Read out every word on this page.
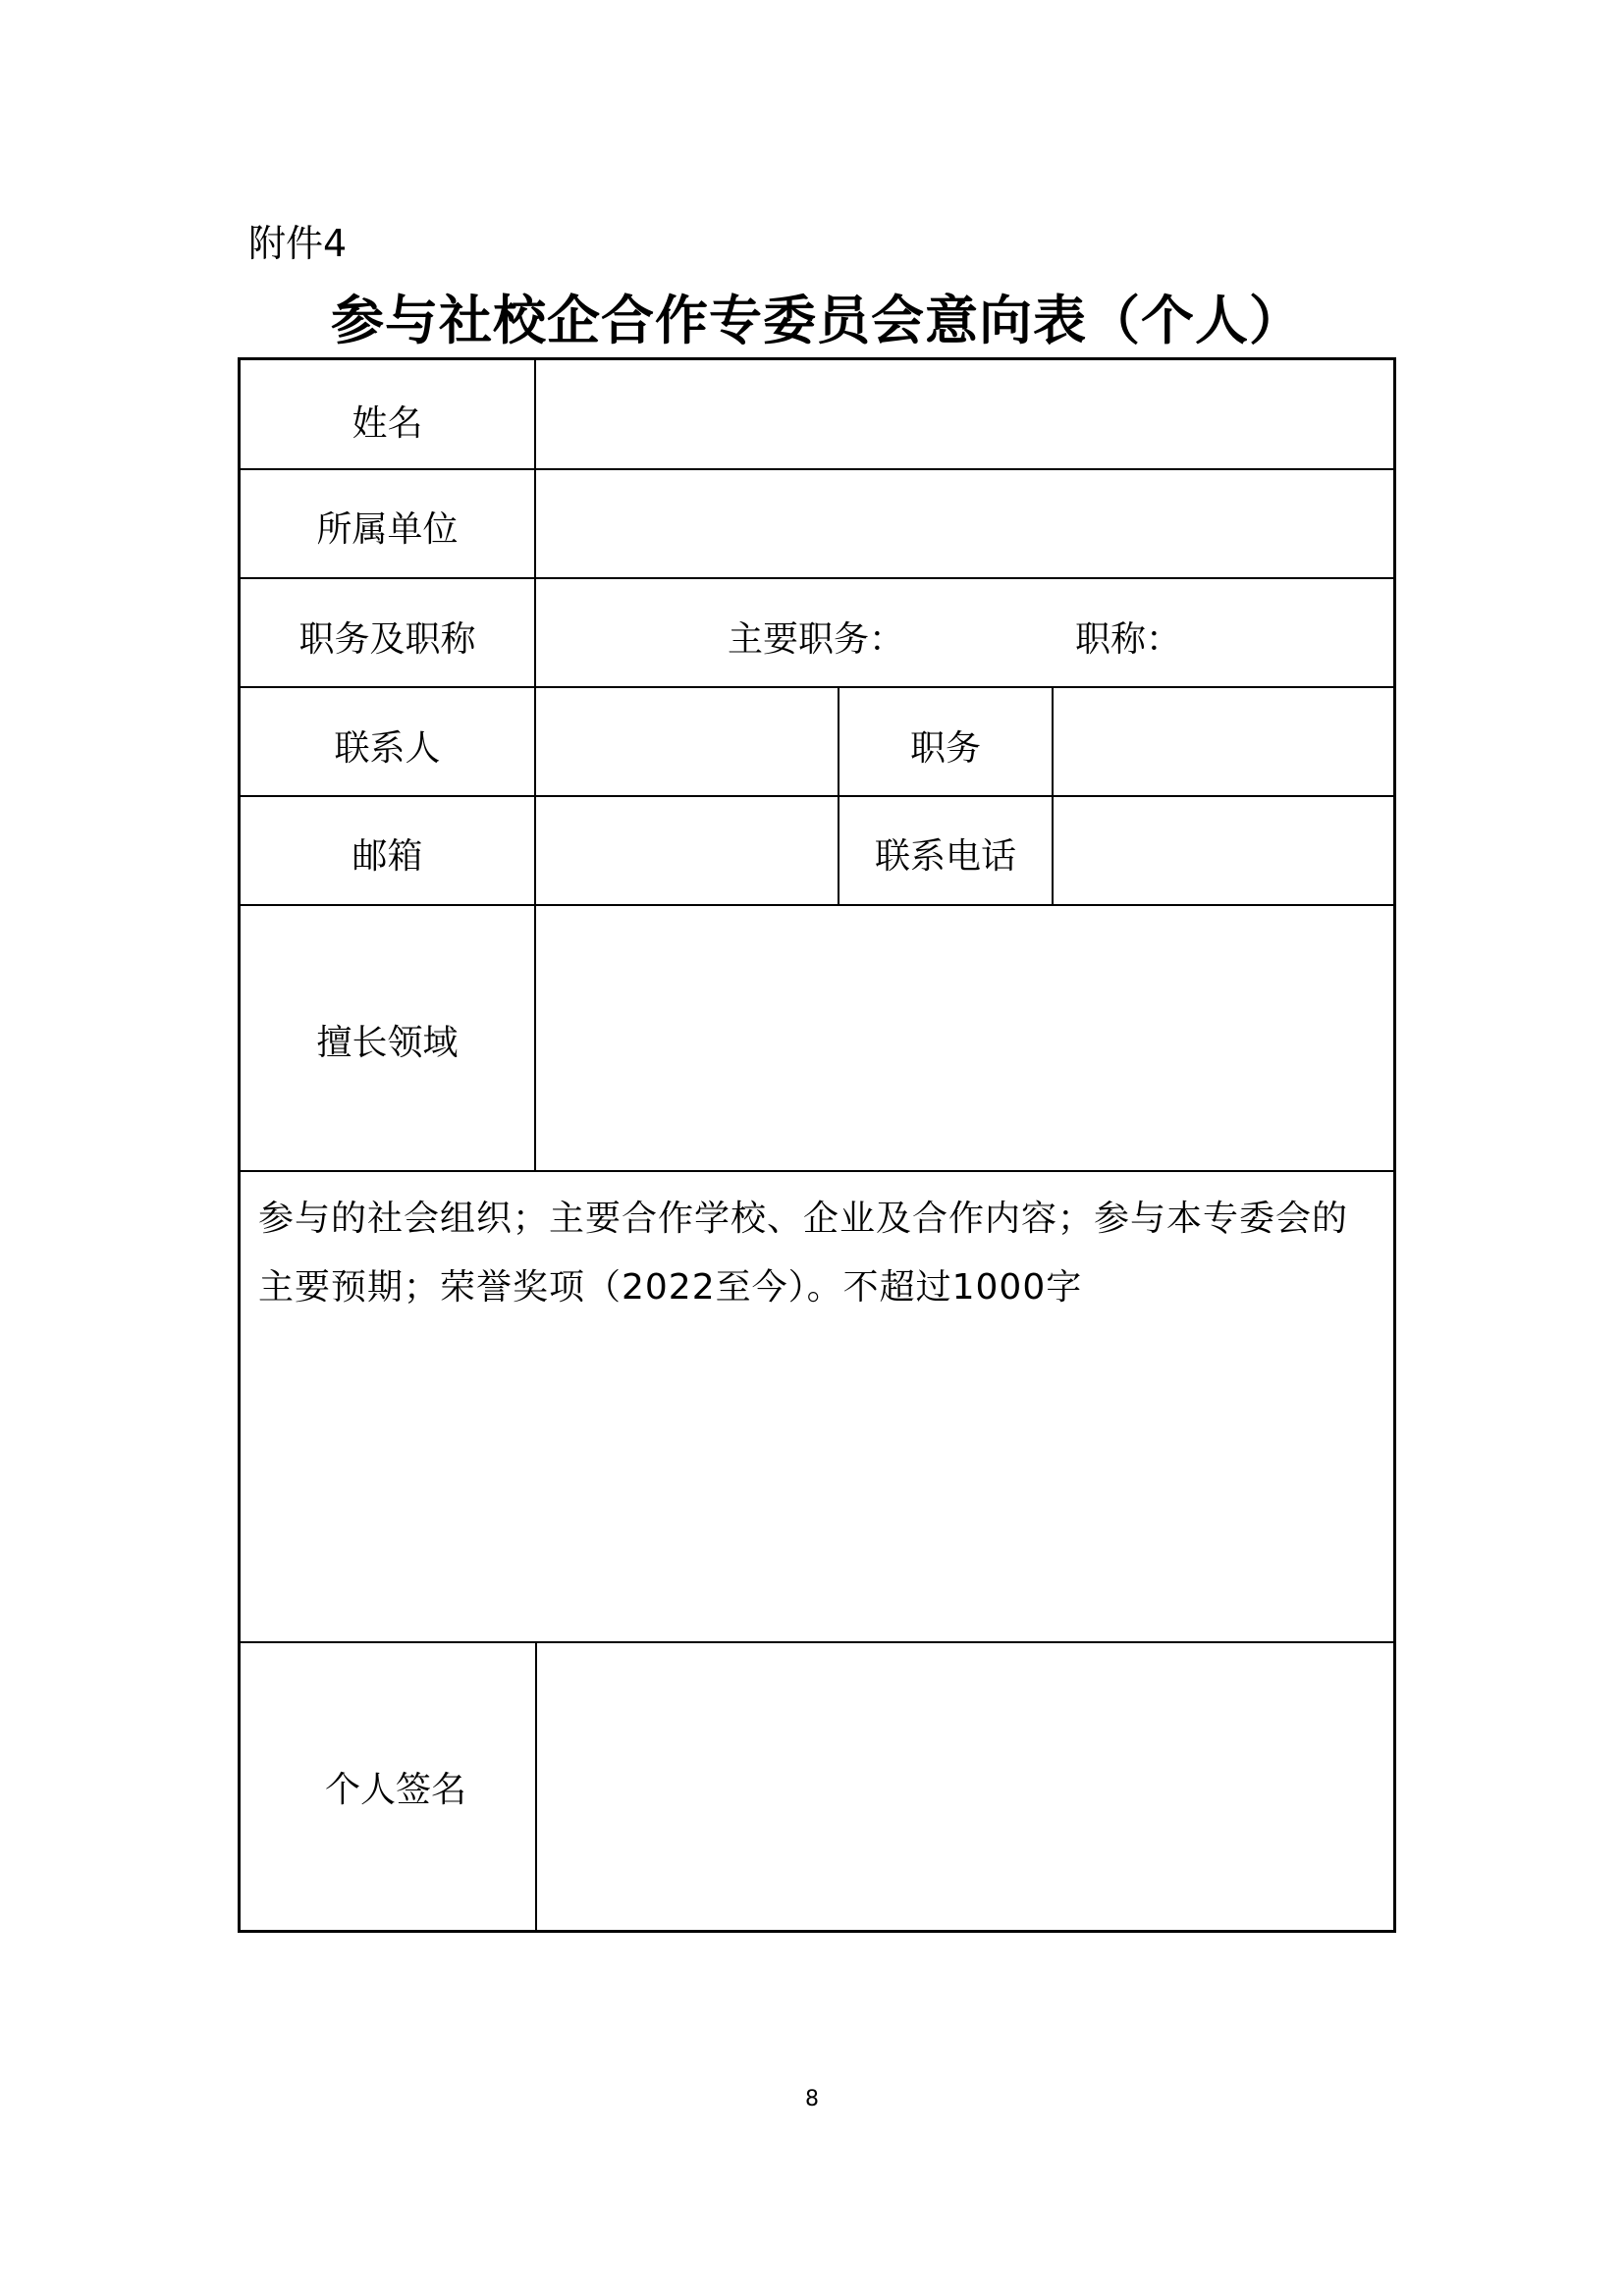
附件4
参与社校企合作专委员会意向表（个人）
姓名
所属单位
职务及职称	主要职务：	职称：
联系人	职务
邮箱	联系电话
擅长领域
参与的社会组织；主要合作学校、企业及合作内容；参与本专委会的主要预期；荣誉奖项（2022至今）。不超过1000字
个人签名
8
